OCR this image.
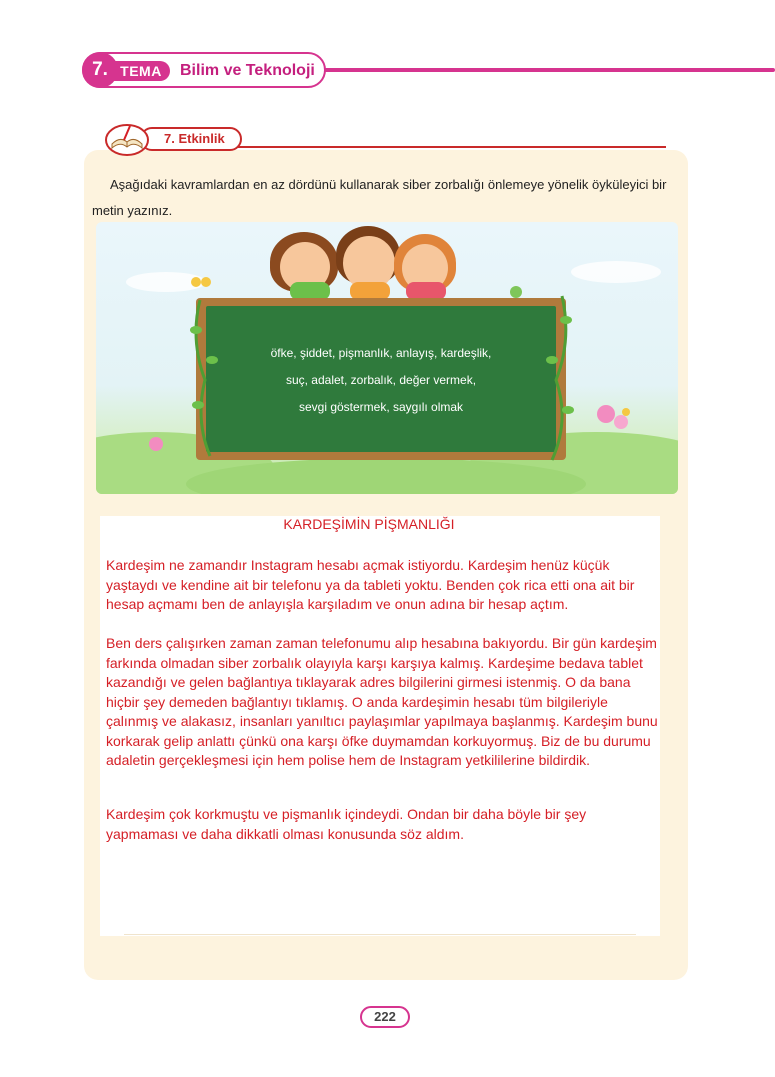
7. TEMA	Bilim ve Teknoloji
7. Etkinlik
Aşağıdaki kavramlardan en az dördünü kullanarak siber zorbalığı önlemeye yönelik öyküleyici bir metin yazınız.
öfke, şiddet, pişmanlık, anlayış, kardeşlik,
suç, adalet, zorbalık, değer vermek,
sevgi göstermek, saygılı olmak
KARDEŞİMİN PİŞMANLIĞI

Kardeşim ne zamandır Instagram hesabı açmak istiyordu. Kardeşim henüz küçük yaştaydı ve kendine ait bir telefonu ya da tableti yoktu. Benden çok rica etti ona ait bir hesap açmamı ben de anlayışla karşıladım ve onun adına bir hesap açtım.

Ben ders çalışırken zaman zaman telefonumu alıp hesabına bakıyordu. Bir gün kardeşim farkında olmadan siber zorbalık olayıyla karşı karşıya kalmış. Kardeşime bedava tablet kazandığı ve gelen bağlantıya tıklayarak adres bilgilerini girmesi istenmiş. O da bana hiçbir şey demeden bağlantıyı tıklamış. O anda kardeşimin hesabı tüm bilgileriyle çalınmış ve alakasız, insanları yanıltıcı paylaşımlar yapılmaya başlanmış. Kardeşim bunu korkarak gelip anlattı çünkü ona karşı öfke duymamdan korkuyormuş. Biz de bu durumu adaletin gerçekleşmesi için hem polise hem de Instagram yetkililerine bildirdik.

Kardeşim çok korkmuştu ve pişmanlık içindeydi. Ondan bir daha böyle bir şey yapmaması ve daha dikkatli olması konusunda söz aldım.

222
